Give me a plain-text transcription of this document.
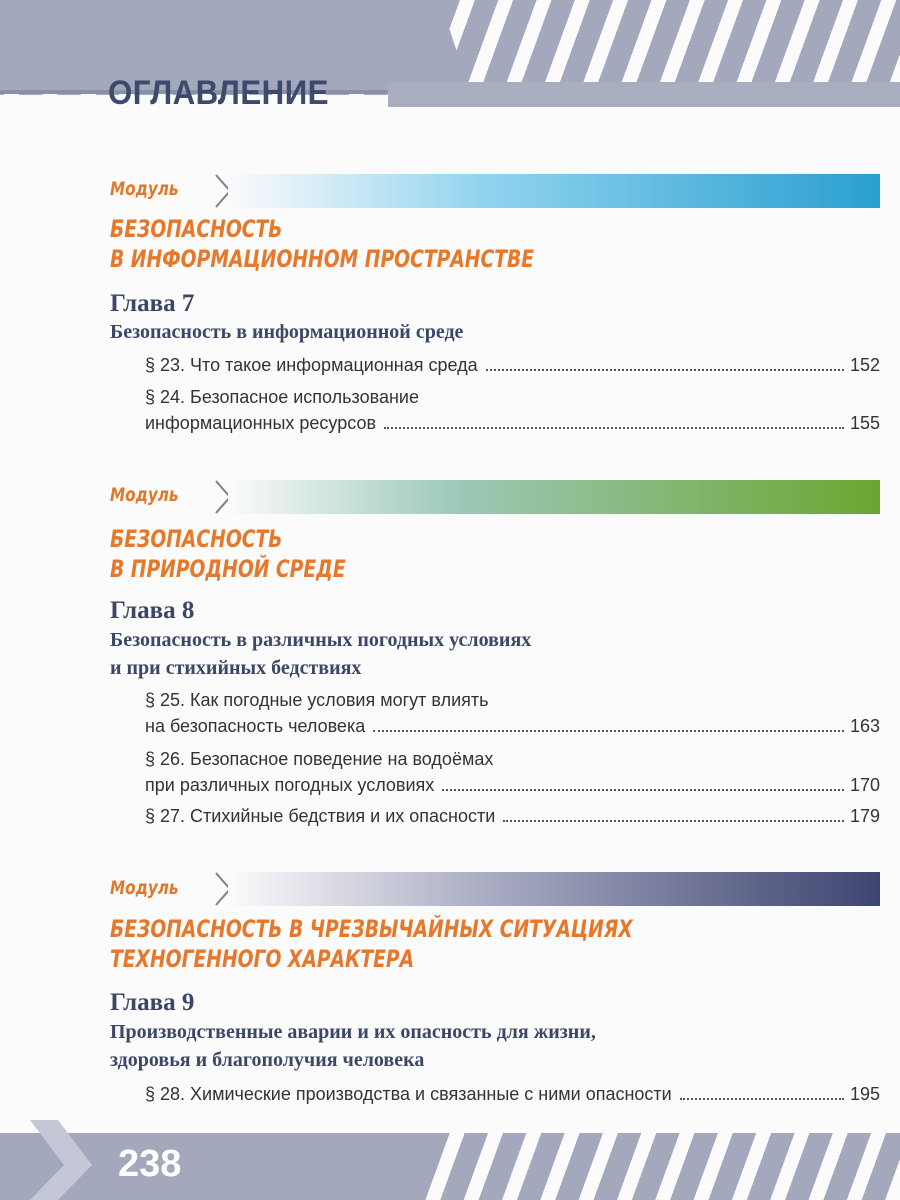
ОГЛАВЛЕНИЕ
Модуль
БЕЗОПАСНОСТЬ
В ИНФОРМАЦИОННОМ ПРОСТРАНСТВЕ
Глава 7
Безопасность в информационной среде
§ 23. Что такое информационная среда	152
§ 24. Безопасное использование
информационных ресурсов	155
Модуль
БЕЗОПАСНОСТЬ
В ПРИРОДНОЙ СРЕДЕ
Глава 8
Безопасность в различных погодных условиях
и при стихийных бедствиях
§ 25. Как погодные условия могут влиять
на безопасность человека	163
§ 26. Безопасное поведение на водоёмах
при различных погодных условиях	170
§ 27. Стихийные бедствия и их опасности	179
Модуль
БЕЗОПАСНОСТЬ В ЧРЕЗВЫЧАЙНЫХ СИТУАЦИЯХ
ТЕХНОГЕННОГО ХАРАКТЕРА
Глава 9
Производственные аварии и их опасность для жизни,
здоровья и благополучия человека
§ 28. Химические производства и связанные с ними опасности	195
238
